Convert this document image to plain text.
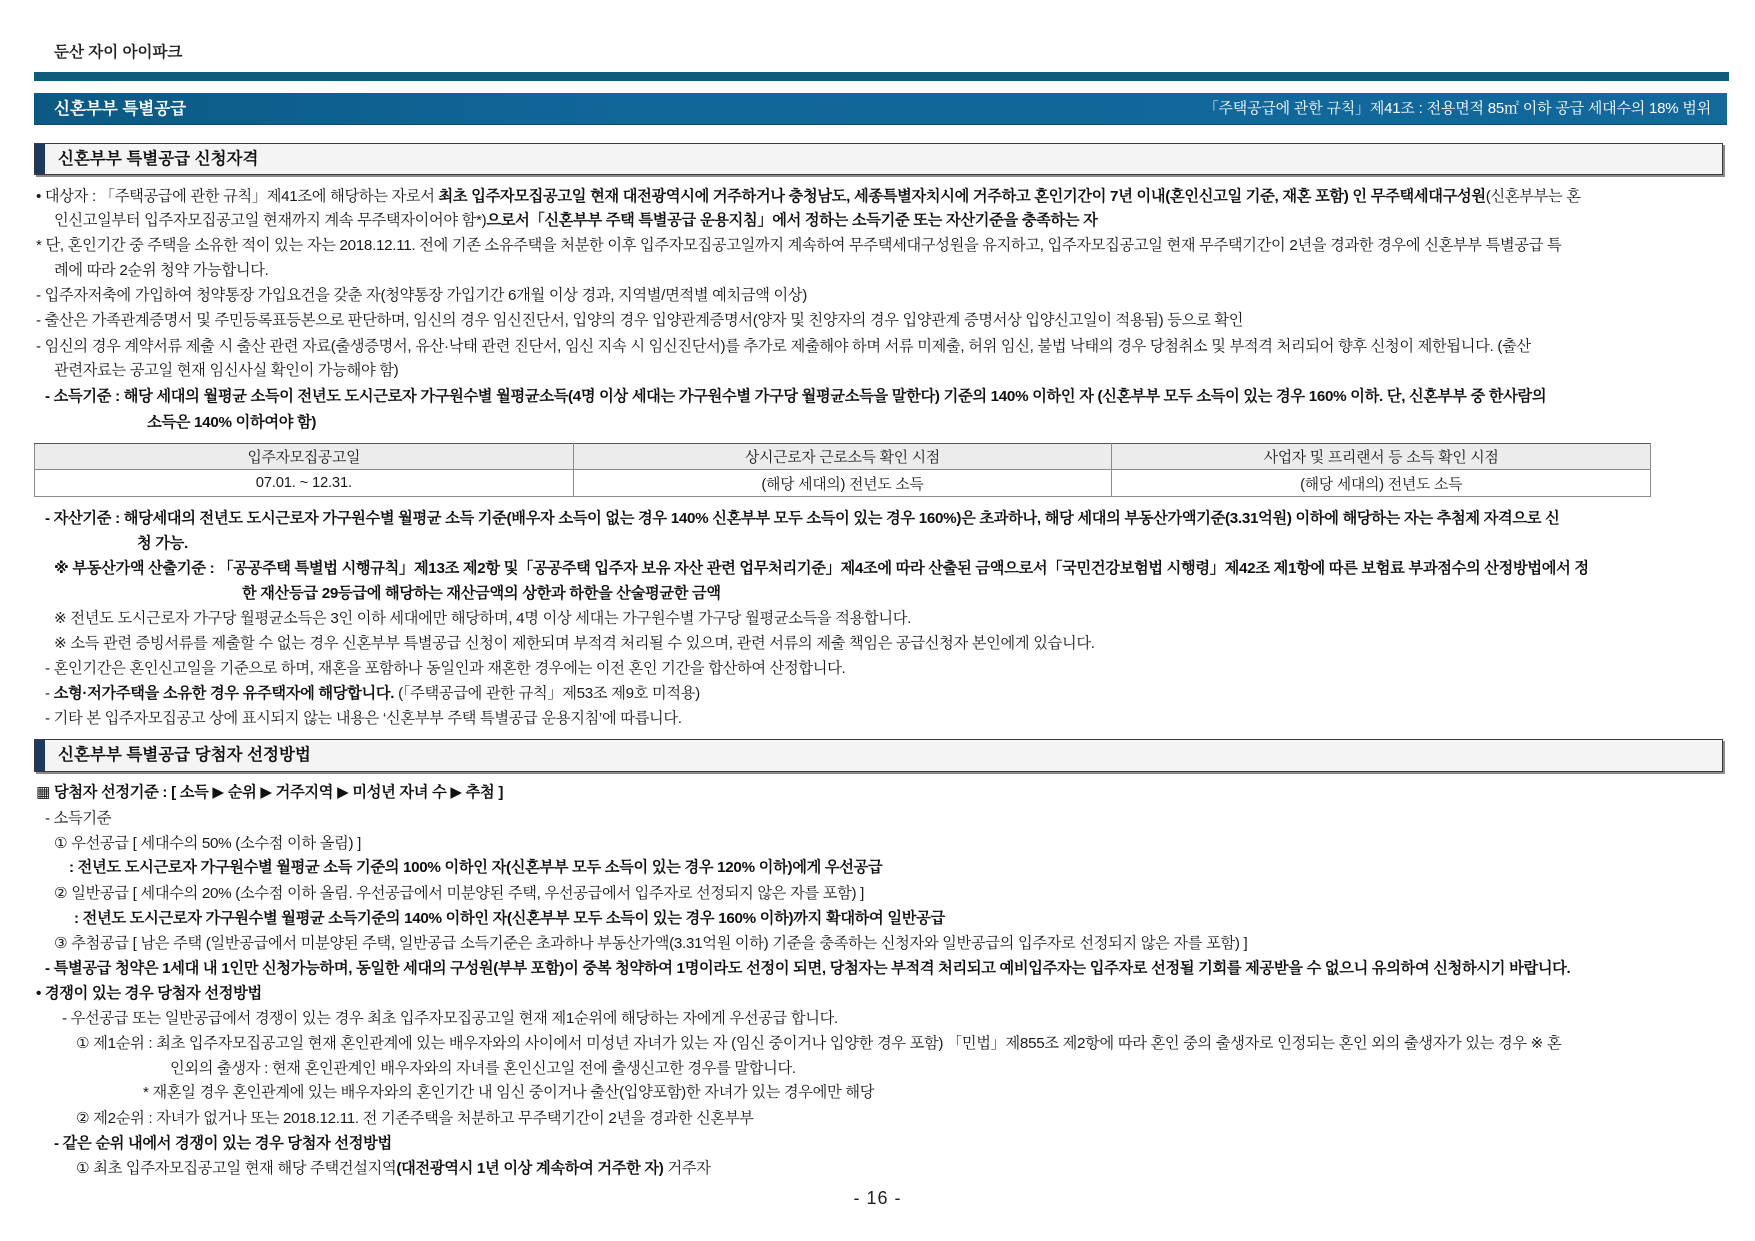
둔산 자이 아이파크
신혼부부 특별공급	「주택공급에 관한 규칙」제41조 : 전용면적 85㎡ 이하 공급 세대수의 18% 범위
신혼부부 특별공급 신청자격
• 대상자 : 「주택공급에 관한 규칙」제41조에 해당하는 자로서 최초 입주자모집공고일 현재 대전광역시에 거주하거나 충청남도, 세종특별자치시에 거주하고 혼인기간이 7년 이내(혼인신고일 기준, 재혼 포함) 인 무주택세대구성원(신혼부부는 혼
인신고일부터 입주자모집공고일 현재까지 계속 무주택자이어야 함*)으로서「신혼부부 주택 특별공급 운용지침」에서 정하는 소득기준 또는 자산기준을 충족하는 자
* 단, 혼인기간 중 주택을 소유한 적이 있는 자는 2018.12.11. 전에 기존 소유주택을 처분한 이후 입주자모집공고일까지 계속하여 무주택세대구성원을 유지하고, 입주자모집공고일 현재 무주택기간이 2년을 경과한 경우에 신혼부부 특별공급 특
례에 따라 2순위 청약 가능합니다.
- 입주자저축에 가입하여 청약통장 가입요건을 갖춘 자(청약통장 가입기간 6개월 이상 경과, 지역별/면적별 예치금액 이상)
- 출산은 가족관계증명서 및 주민등록표등본으로 판단하며, 임신의 경우 임신진단서, 입양의 경우 입양관계증명서(양자 및 친양자의 경우 입양관계 증명서상 입양신고일이 적용됨) 등으로 확인
- 임신의 경우 계약서류 제출 시 출산 관련 자료(출생증명서, 유산·낙태 관련 진단서, 임신 지속 시 임신진단서)를 추가로 제출해야 하며 서류 미제출, 허위 임신, 불법 낙태의 경우 당첨취소 및 부적격 처리되어 향후 신청이 제한됩니다. (출산
관련자료는 공고일 현재 임신사실 확인이 가능해야 함)
- 소득기준 : 해당 세대의 월평균 소득이 전년도 도시근로자 가구원수별 월평균소득(4명 이상 세대는 가구원수별 가구당 월평균소득을 말한다) 기준의 140% 이하인 자 (신혼부부 모두 소득이 있는 경우 160% 이하. 단, 신혼부부 중 한사람의
소득은 140% 이하여야 함)
입주자모집공고일	상시근로자 근로소득 확인 시점	사업자 및 프리랜서 등 소득 확인 시점
07.01. ~ 12.31.	(해당 세대의) 전년도 소득	(해당 세대의) 전년도 소득
- 자산기준 : 해당세대의 전년도 도시근로자 가구원수별 월평균 소득 기준(배우자 소득이 없는 경우 140% 신혼부부 모두 소득이 있는 경우 160%)은 초과하나, 해당 세대의 부동산가액기준(3.31억원) 이하에 해당하는 자는 추첨제 자격으로 신
청 가능.
※ 부동산가액 산출기준 : 「공공주택 특별법 시행규칙」제13조 제2항 및「공공주택 입주자 보유 자산 관련 업무처리기준」제4조에 따라 산출된 금액으로서「국민건강보험법 시행령」제42조 제1항에 따른 보험료 부과점수의 산정방법에서 정
한 재산등급 29등급에 해당하는 재산금액의 상한과 하한을 산술평균한 금액
※ 전년도 도시근로자 가구당 월평균소득은 3인 이하 세대에만 해당하며, 4명 이상 세대는 가구원수별 가구당 월평균소득을 적용합니다.
※ 소득 관련 증빙서류를 제출할 수 없는 경우 신혼부부 특별공급 신청이 제한되며 부적격 처리될 수 있으며, 관련 서류의 제출 책임은 공급신청자 본인에게 있습니다.
- 혼인기간은 혼인신고일을 기준으로 하며, 재혼을 포함하나 동일인과 재혼한 경우에는 이전 혼인 기간을 합산하여 산정합니다.
- 소형·저가주택을 소유한 경우 유주택자에 해당합니다. (「주택공급에 관한 규칙」제53조 제9호 미적용)
- 기타 본 입주자모집공고 상에 표시되지 않는 내용은 ‘신혼부부 주택 특별공급 운용지침’에 따릅니다.
신혼부부 특별공급 당첨자 선정방법
▦ 당첨자 선정기준 : [ 소득 ▶ 순위 ▶ 거주지역 ▶ 미성년 자녀 수 ▶ 추첨 ]
- 소득기준
① 우선공급 [ 세대수의 50% (소수점 이하 올림) ]
: 전년도 도시근로자 가구원수별 월평균 소득 기준의 100% 이하인 자(신혼부부 모두 소득이 있는 경우 120% 이하)에게 우선공급
② 일반공급 [ 세대수의 20% (소수점 이하 올림. 우선공급에서 미분양된 주택, 우선공급에서 입주자로 선정되지 않은 자를 포함) ]
: 전년도 도시근로자 가구원수별 월평균 소득기준의 140% 이하인 자(신혼부부 모두 소득이 있는 경우 160% 이하)까지 확대하여 일반공급
③ 추첨공급 [ 남은 주택 (일반공급에서 미분양된 주택, 일반공급 소득기준은 초과하나 부동산가액(3.31억원 이하) 기준을 충족하는 신청자와 일반공급의 입주자로 선정되지 않은 자를 포함) ]
- 특별공급 청약은 1세대 내 1인만 신청가능하며, 동일한 세대의 구성원(부부 포함)이 중복 청약하여 1명이라도 선정이 되면, 당첨자는 부적격 처리되고 예비입주자는 입주자로 선정될 기회를 제공받을 수 없으니 유의하여 신청하시기 바랍니다.
• 경쟁이 있는 경우 당첨자 선정방법
- 우선공급 또는 일반공급에서 경쟁이 있는 경우 최초 입주자모집공고일 현재 제1순위에 해당하는 자에게 우선공급 합니다.
① 제1순위 : 최초 입주자모집공고일 현재 혼인관계에 있는 배우자와의 사이에서 미성년 자녀가 있는 자 (임신 중이거나 입양한 경우 포함) 「민법」제855조 제2항에 따라 혼인 중의 출생자로 인정되는 혼인 외의 출생자가 있는 경우 ※ 혼
인외의 출생자 : 현재 혼인관계인 배우자와의 자녀를 혼인신고일 전에 출생신고한 경우를 말합니다.
* 재혼일 경우 혼인관계에 있는 배우자와의 혼인기간 내 임신 중이거나 출산(입양포함)한 자녀가 있는 경우에만 해당
② 제2순위 : 자녀가 없거나 또는 2018.12.11. 전 기존주택을 처분하고 무주택기간이 2년을 경과한 신혼부부
- 같은 순위 내에서 경쟁이 있는 경우 당첨자 선정방법
① 최초 입주자모집공고일 현재 해당 주택건설지역(대전광역시 1년 이상 계속하여 거주한 자) 거주자
- 16 -
